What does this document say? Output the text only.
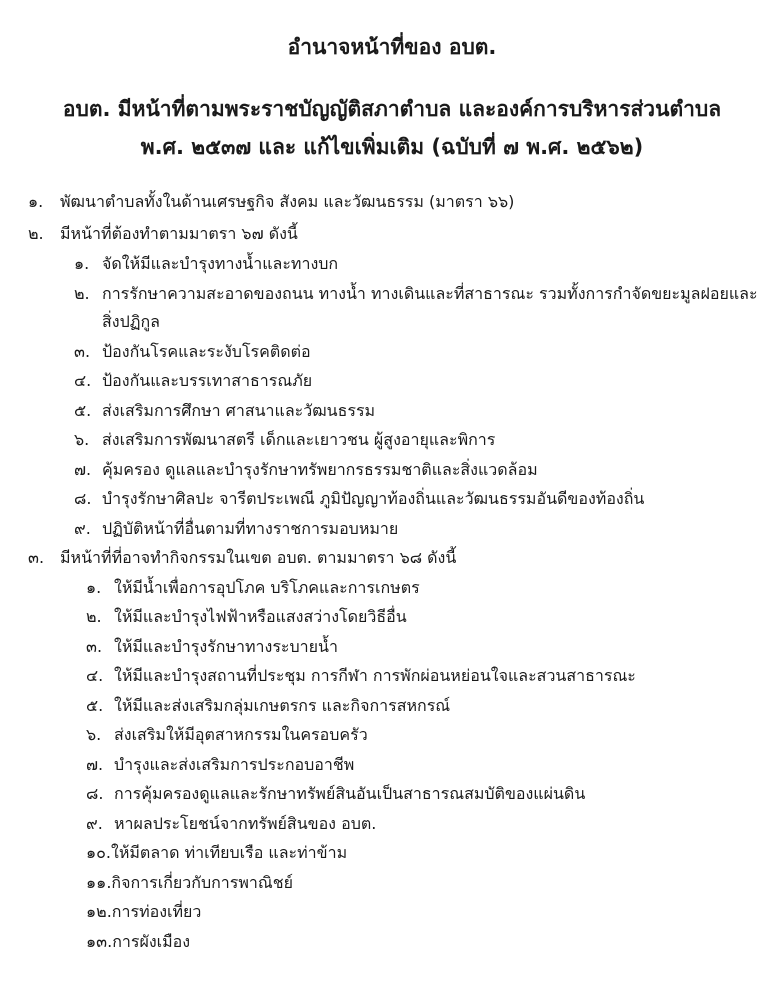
อำนาจหน้าที่ของ อบต.
อบต. มีหน้าที่ตามพระราชบัญญัติสภาตำบล และองค์การบริหารส่วนตำบล
พ.ศ. ๒๕๓๗ และ แก้ไขเพิ่มเติม (ฉบับที่ ๗ พ.ศ. ๒๕๖๒)
๑. พัฒนาตำบลทั้งในด้านเศรษฐกิจ สังคม และวัฒนธรรม (มาตรา ๖๖)
๒. มีหน้าที่ต้องทำตามมาตรา ๖๗ ดังนี้
๑. จัดให้มีและบำรุงทางน้ำและทางบก
๒. การรักษาความสะอาดของถนน ทางน้ำ ทางเดินและที่สาธารณะ รวมทั้งการกำจัดขยะมูลฝอยและ
สิ่งปฏิกูล
๓. ป้องกันโรคและระงับโรคติดต่อ
๔. ป้องกันและบรรเทาสาธารณภัย
๕. ส่งเสริมการศึกษา ศาสนาและวัฒนธรรม
๖. ส่งเสริมการพัฒนาสตรี เด็กและเยาวชน ผู้สูงอายุและพิการ
๗. คุ้มครอง ดูแลและบำรุงรักษาทรัพยากรธรรมชาติและสิ่งแวดล้อม
๘. บำรุงรักษาศิลปะ จารีตประเพณี ภูมิปัญญาท้องถิ่นและวัฒนธรรมอันดีของท้องถิ่น
๙. ปฏิบัติหน้าที่อื่นตามที่ทางราชการมอบหมาย
๓. มีหน้าที่ที่อาจทำกิจกรรมในเขต อบต. ตามมาตรา ๖๘ ดังนี้
๑. ให้มีน้ำเพื่อการอุปโภค บริโภคและการเกษตร
๒. ให้มีและบำรุงไฟฟ้าหรือแสงสว่างโดยวิธีอื่น
๓. ให้มีและบำรุงรักษาทางระบายน้ำ
๔. ให้มีและบำรุงสถานที่ประชุม การกีฬา การพักผ่อนหย่อนใจและสวนสาธารณะ
๕. ให้มีและส่งเสริมกลุ่มเกษตรกร และกิจการสหกรณ์
๖. ส่งเสริมให้มีอุตสาหกรรมในครอบครัว
๗. บำรุงและส่งเสริมการประกอบอาชีพ
๘. การคุ้มครองดูแลและรักษาทรัพย์สินอันเป็นสาธารณสมบัติของแผ่นดิน
๙. หาผลประโยชน์จากทรัพย์สินของ อบต.
๑๐.ให้มีตลาด ท่าเทียบเรือ และท่าข้าม
๑๑.กิจการเกี่ยวกับการพาณิชย์
๑๒.การท่องเที่ยว
๑๓.การผังเมือง
